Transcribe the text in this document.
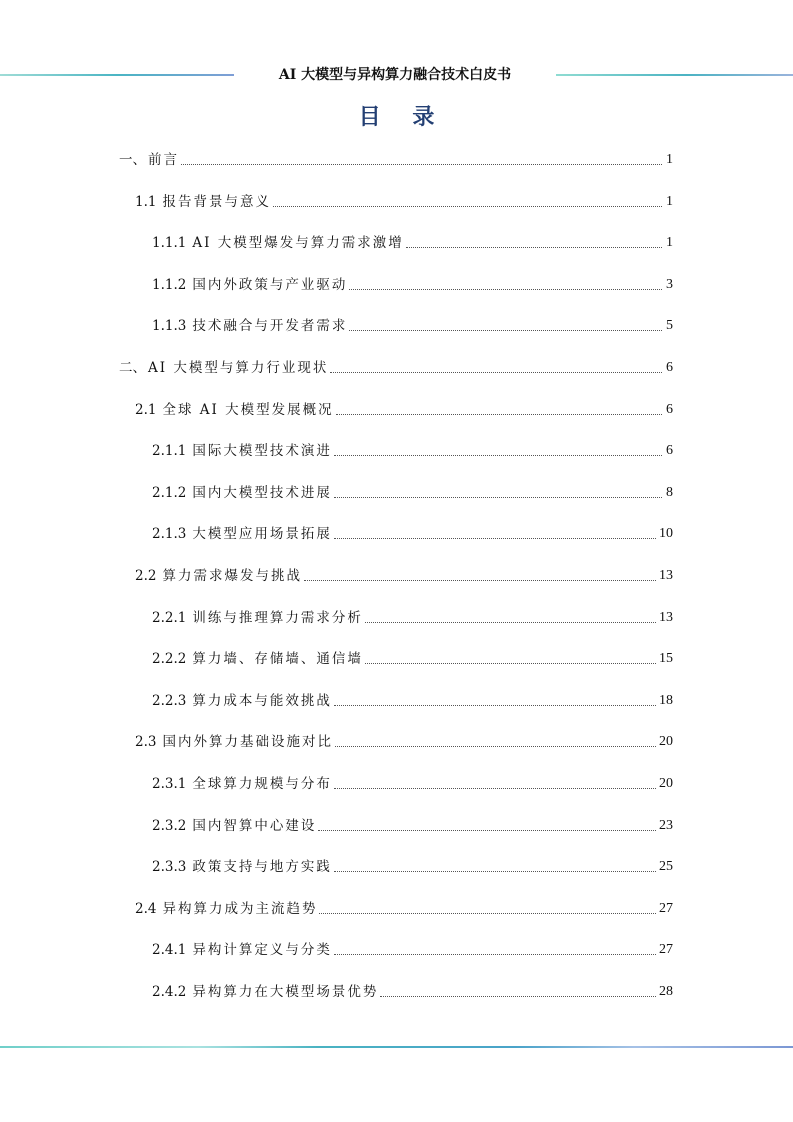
AI 大模型与异构算力融合技术白皮书
目 录
一、 前言	1
1.1 报告背景与意义	1
1.1.1 AI 大模型爆发与算力需求激增	1
1.1.2 国内外政策与产业驱动	3
1.1.3 技术融合与开发者需求	5
二、 AI 大模型与算力行业现状	6
2.1 全球 AI 大模型发展概况	6
2.1.1 国际大模型技术演进	6
2.1.2 国内大模型技术进展	8
2.1.3 大模型应用场景拓展	10
2.2 算力需求爆发与挑战	13
2.2.1 训练与推理算力需求分析	13
2.2.2 算力墙、存储墙、通信墙	15
2.2.3 算力成本与能效挑战	18
2.3 国内外算力基础设施对比	20
2.3.1 全球算力规模与分布	20
2.3.2 国内智算中心建设	23
2.3.3 政策支持与地方实践	25
2.4 异构算力成为主流趋势	27
2.4.1 异构计算定义与分类	27
2.4.2 异构算力在大模型场景优势	28
